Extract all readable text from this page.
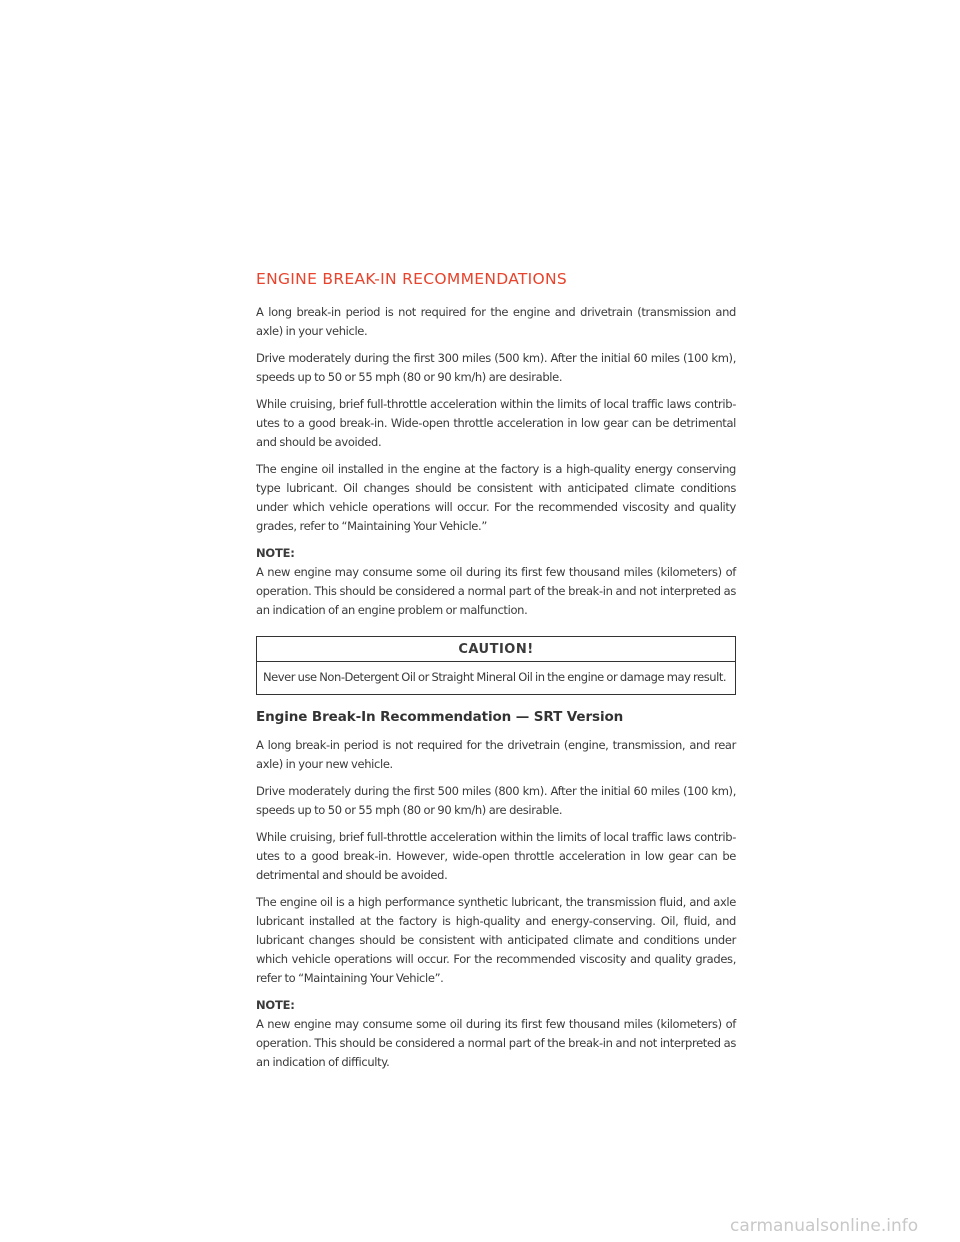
ENGINE BREAK-IN RECOMMENDATIONS

A long break-in period is not required for the engine and drivetrain (transmission and axle) in your vehicle.

Drive moderately during the first 300 miles (500 km). After the initial 60 miles (100 km), speeds up to 50 or 55 mph (80 or 90 km/h) are desirable.

While cruising, brief full-throttle acceleration within the limits of local traffic laws contrib-utes to a good break-in. Wide-open throttle acceleration in low gear can be detrimental and should be avoided.

The engine oil installed in the engine at the factory is a high-quality energy conserving type lubricant. Oil changes should be consistent with anticipated climate conditions under which vehicle operations will occur. For the recommended viscosity and quality grades, refer to “Maintaining Your Vehicle.”

NOTE:

A new engine may consume some oil during its first few thousand miles (kilometers) of operation. This should be considered a normal part of the break-in and not interpreted as an indication of an engine problem or malfunction.

CAUTION!
Never use Non-Detergent Oil or Straight Mineral Oil in the engine or damage may result.
Engine Break-In Recommendation — SRT Version

A long break-in period is not required for the drivetrain (engine, transmission, and rear axle) in your new vehicle.

Drive moderately during the first 500 miles (800 km). After the initial 60 miles (100 km), speeds up to 50 or 55 mph (80 or 90 km/h) are desirable.

While cruising, brief full-throttle acceleration within the limits of local traffic laws contrib-utes to a good break-in. However, wide-open throttle acceleration in low gear can be detrimental and should be avoided.

The engine oil is a high performance synthetic lubricant, the transmission fluid, and axle lubricant installed at the factory is high-quality and energy-conserving. Oil, fluid, and lubricant changes should be consistent with anticipated climate and conditions under which vehicle operations will occur. For the recommended viscosity and quality grades, refer to “Maintaining Your Vehicle”.

NOTE:

A new engine may consume some oil during its first few thousand miles (kilometers) of operation. This should be considered a normal part of the break-in and not interpreted as an indication of difficulty.

carmanualsonline.info
